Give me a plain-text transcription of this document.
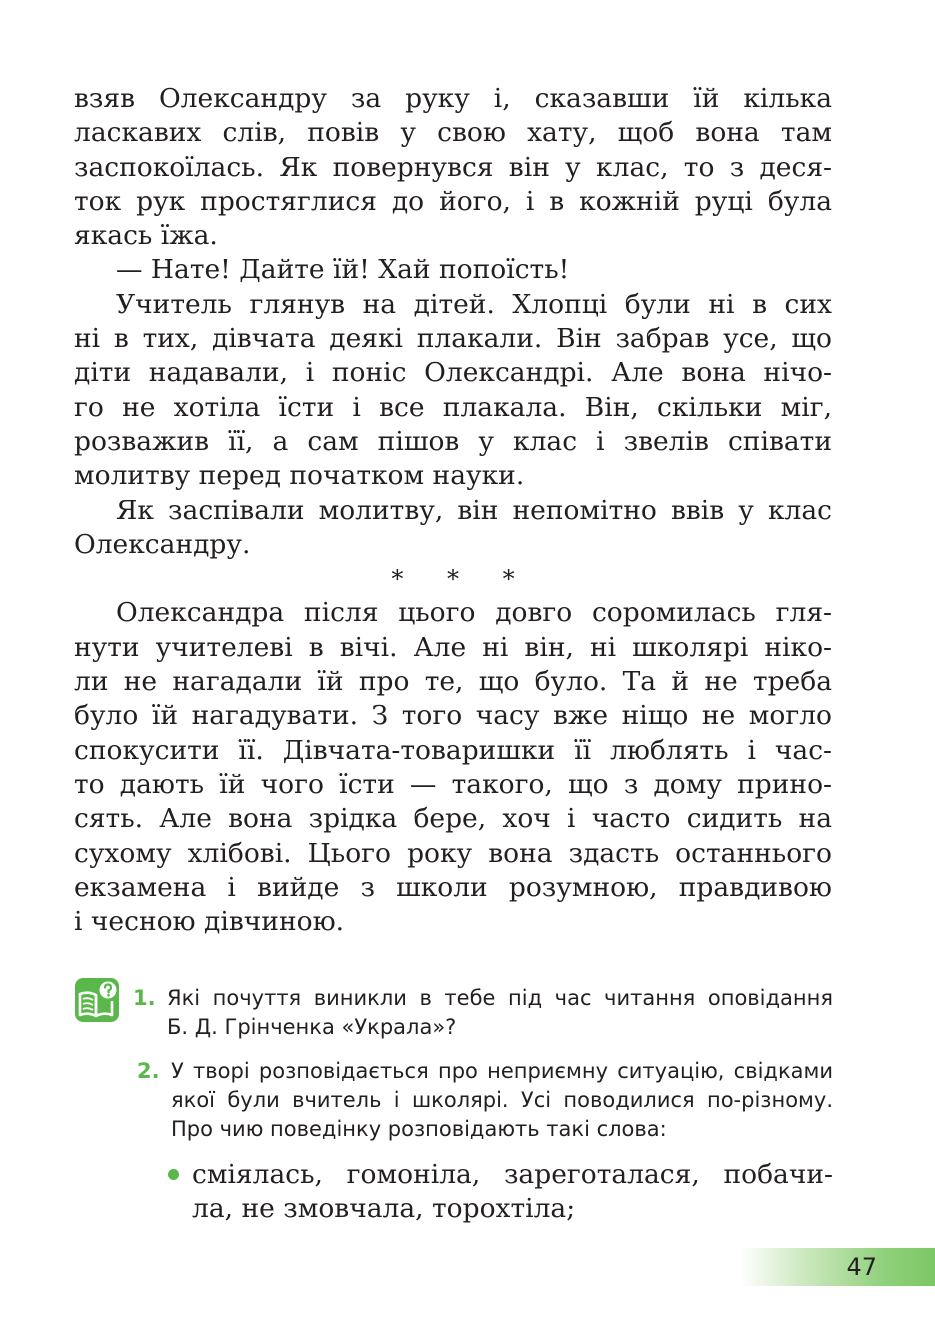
взяв Олександру за руку і, сказавши їй кілька
ласкавих слів, повів у свою хату, щоб вона там
заспокоїлась. Як повернувся він у клас, то з деся-
ток рук простяглися до його, і в кожній руці була

якась їжа.

— Нате! Дайте їй! Хай попоїсть!

Учитель глянув на дітей. Хлопці були ні в сих

ні в тих, дівчата деякі плакали. Він забрав усе, що
діти надавали, і поніс Олександрі. Але вона нічо-
го не хотіла їсти і все плакала. Він, скільки міг,
розважив її, а сам пішов у клас і звелів співати

молитву перед початком науки.

Як заспівали молитву, він непомітно ввів у клас

Олександру.

* * *

Олександра після цього довго соромилась гля-

нути учителеві в вічі. Але ні він, ні школярі ніко-
ли не нагадали їй про те, що було. Та й не треба
було їй нагадувати. З того часу вже ніщо не могло
спокусити її. Дівчата-товаришки її люблять і час-
то дають їй чого їсти — такого, що з дому прино-
сять. Але вона зрідка бере, хоч і часто сидить на
сухому хлібові. Цього року вона здасть останнього
екзамена і вийде з школи розумною, правдивою

і чесною дівчиною.

1. Які почуття виникли в тебе під час читання оповідання
Б. Д. Грінченка «Украла»?
2. У творі розповідається про неприємну ситуацію, свідками
якої були вчитель і школярі. Усі поводилися по-різному.
Про чию поведінку розповідають такі слова:
сміялась, гомоніла, зареготалася, побачи-
ла, не змовчала, торохтіла;
47
